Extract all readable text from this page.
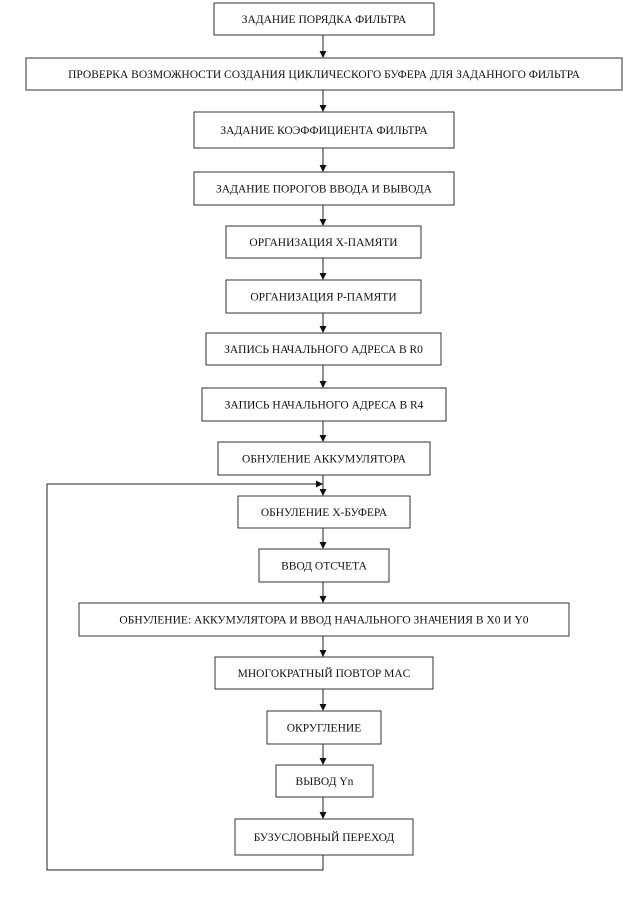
ЗАДАНИЕ ПОРЯДКА ФИЛЬТРА
ПРОВЕРКА ВОЗМОЖНОСТИ СОЗДАНИЯ ЦИКЛИЧЕСКОГО БУФЕРА ДЛЯ ЗАДАННОГО ФИЛЬТРА
ЗАДАНИЕ КОЭФФИЦИЕНТА ФИЛЬТРА
ЗАДАНИЕ ПОРОГОВ ВВОДА И ВЫВОДА
ОРГАНИЗАЦИЯ X-ПАМЯТИ
ОРГАНИЗАЦИЯ P-ПАМЯТИ
ЗАПИСЬ НАЧАЛЬНОГО АДРЕСА В R0
ЗАПИСЬ НАЧАЛЬНОГО АДРЕСА В R4
ОБНУЛЕНИЕ АККУМУЛЯТОРА
ОБНУЛЕНИЕ X-БУФЕРА
ВВОД ОТСЧЕТА
ОБНУЛЕНИЕ: АККУМУЛЯТОРА И ВВОД НАЧАЛЬНОГО ЗНАЧЕНИЯ В X0 И Y0
МНОГОКРАТНЫЙ ПОВТОР MAC
ОКРУГЛЕНИЕ
ВЫВОД Yn
БУЗУСЛОВНЫЙ ПЕРЕХОД
